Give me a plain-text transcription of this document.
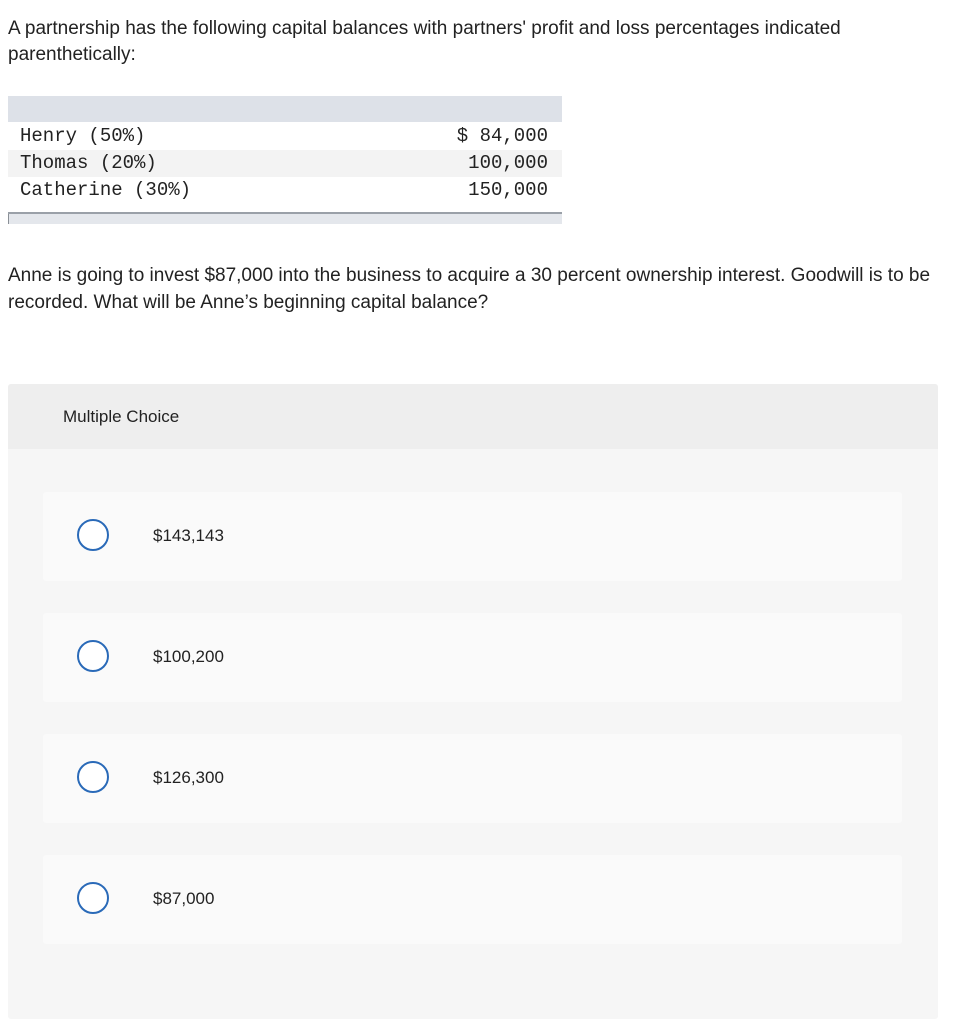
A partnership has the following capital balances with partners' profit and loss percentages indicated parenthetically:
Henry (50%)	$ 84,000
Thomas (20%)	100,000
Catherine (30%)	150,000
Anne is going to invest $87,000 into the business to acquire a 30 percent ownership interest. Goodwill is to be recorded. What will be Anne’s beginning capital balance?
Multiple Choice
$143,143
$100,200
$126,300
$87,000
